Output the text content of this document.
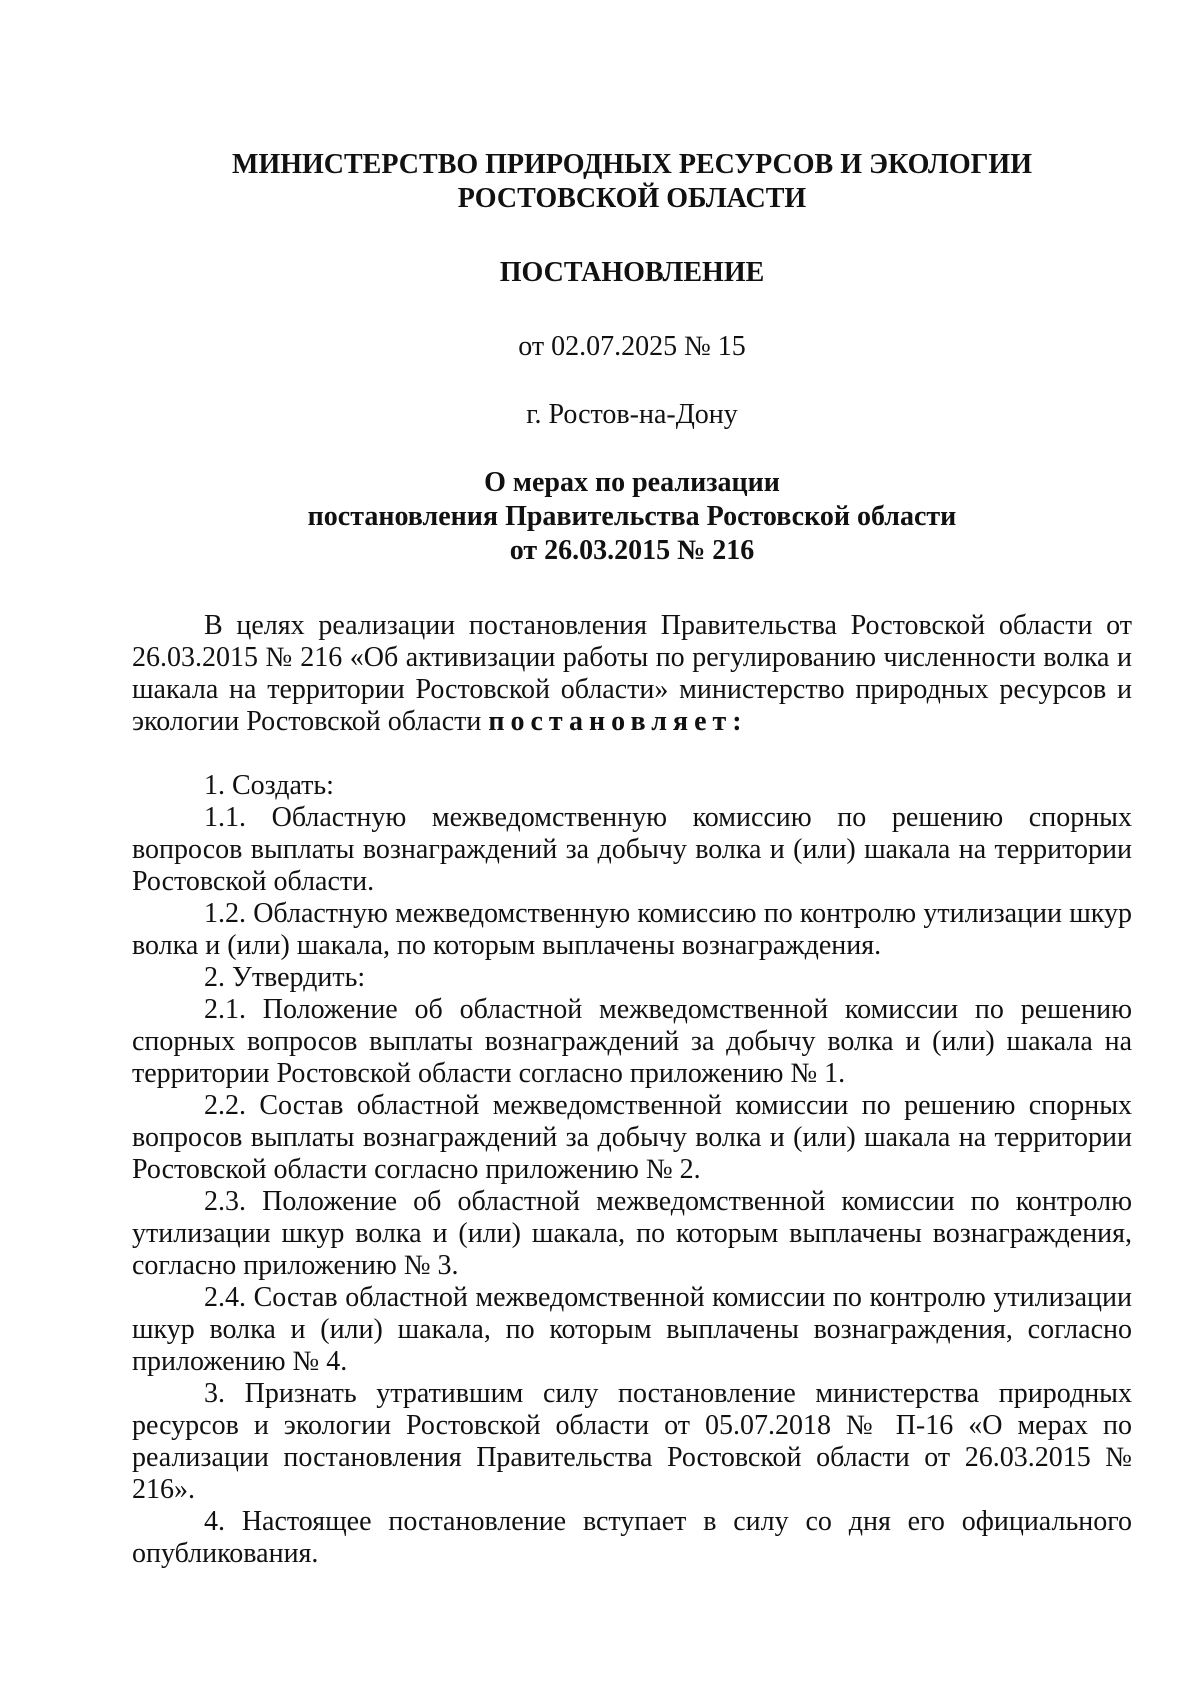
МИНИСТЕРСТВО ПРИРОДНЫХ РЕСУРСОВ И ЭКОЛОГИИ
РОСТОВСКОЙ ОБЛАСТИ
ПОСТАНОВЛЕНИЕ
от 02.07.2025 № 15
г. Ростов-на-Дону
О мерах по реализации
постановления Правительства Ростовской области
от 26.03.2015 № 216

В целях реализации постановления Правительства Ростовской области от 26.03.2015 № 216 «Об активизации работы по регулированию численности волка и шакала на территории Ростовской области» министерство природных ресурсов и экологии Ростовской области постановляет:

1. Создать:

1.1. Областную межведомственную комиссию по решению спорных вопросов выплаты вознаграждений за добычу волка и (или) шакала на территории Ростовской области.

1.2. Областную межведомственную комиссию по контролю утилизации шкур волка и (или) шакала, по которым выплачены вознаграждения.

2. Утвердить:

2.1. Положение об областной межведомственной комиссии по решению спорных вопросов выплаты вознаграждений за добычу волка и (или) шакала на территории Ростовской области согласно приложению № 1.

2.2. Состав областной межведомственной комиссии по решению спорных вопросов выплаты вознаграждений за добычу волка и (или) шакала на территории Ростовской области согласно приложению № 2.

2.3. Положение об областной межведомственной комиссии по контролю утилизации шкур волка и (или) шакала, по которым выплачены вознаграждения, согласно приложению № 3.

2.4. Состав областной межведомственной комиссии по контролю утилизации шкур волка и (или) шакала, по которым выплачены вознаграждения, согласно приложению № 4.

3. Признать утратившим силу постановление министерства природных ресурсов и экологии Ростовской области от 05.07.2018 № П-16 «О мерах по реализации постановления Правительства Ростовской области от 26.03.2015 № 216».

4. Настоящее постановление вступает в силу со дня его официального опубликования.
